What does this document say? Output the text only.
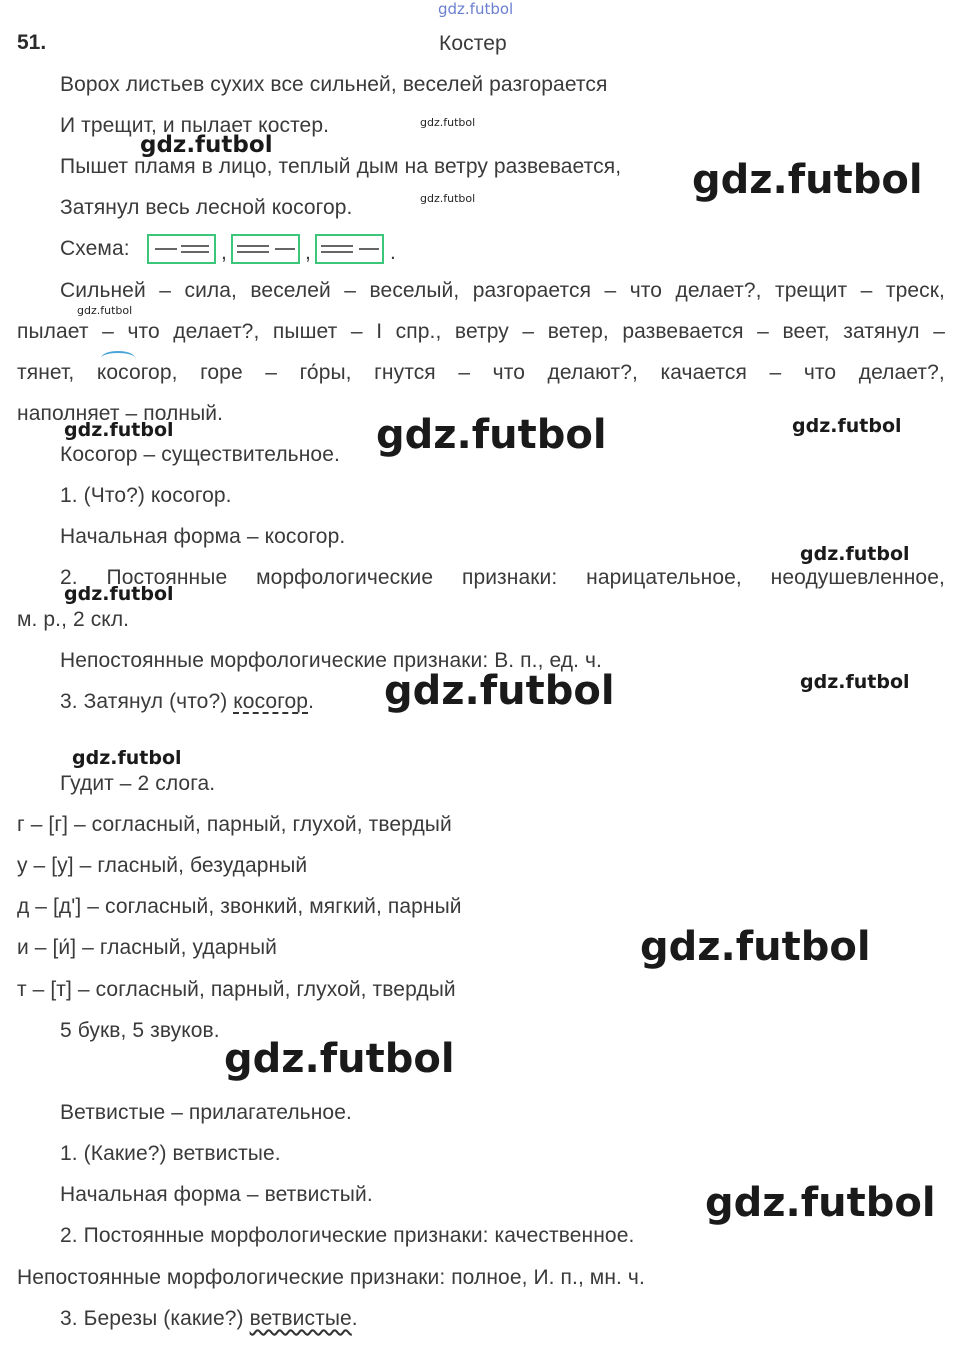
gdz.futbol
51.	Костер
Ворох листьев сухих все сильней, веселей разгорается
И трещит, и пылает костер.
Пышет пламя в лицо, теплый дым на ветру развевается,
Затянул весь лесной косогор.
Схема:	,	,	.
Сильней – сила, веселей – веселый, разгорается – что делает?, трещит – треск,
пылает – что делает?, пышет – I спр., ветру – ветер, развевается – веет, затянул –
тянет, косогор, горе – го́ры, гнутся – что делают?, качается – что делает?,
наполняет – полный.
Косогор – существительное.
1. (Что?) косогор.
Начальная форма – косогор.
2. Постоянные морфологические признаки: нарицательное, неодушевленное,
м. р., 2 скл.
Непостоянные морфологические признаки: В. п., ед. ч.
3. Затянул (что?) косогор.
Гудит – 2 слога.
г – [г] – согласный, парный, глухой, твердый
у – [у] – гласный, безударный
д – [д'] – согласный, звонкий, мягкий, парный
и – [и́] – гласный, ударный
т – [т] – согласный, парный, глухой, твердый
5 букв, 5 звуков.
Ветвистые – прилагательное.
1. (Какие?) ветвистые.
Начальная форма – ветвистый.
2. Постоянные морфологические признаки: качественное.
Непостоянные морфологические признаки: полное, И. п., мн. ч.
3. Березы (какие?) ветвистые.
gdz.futbol
gdz.futbol
gdz.futbol
gdz.futbol
gdz.futbol
gdz.futbol	gdz.futbol	gdz.futbol
gdz.futbol
gdz.futbol
gdz.futbol	gdz.futbol
gdz.futbol
gdz.futbol
gdz.futbol
gdz.futbol
